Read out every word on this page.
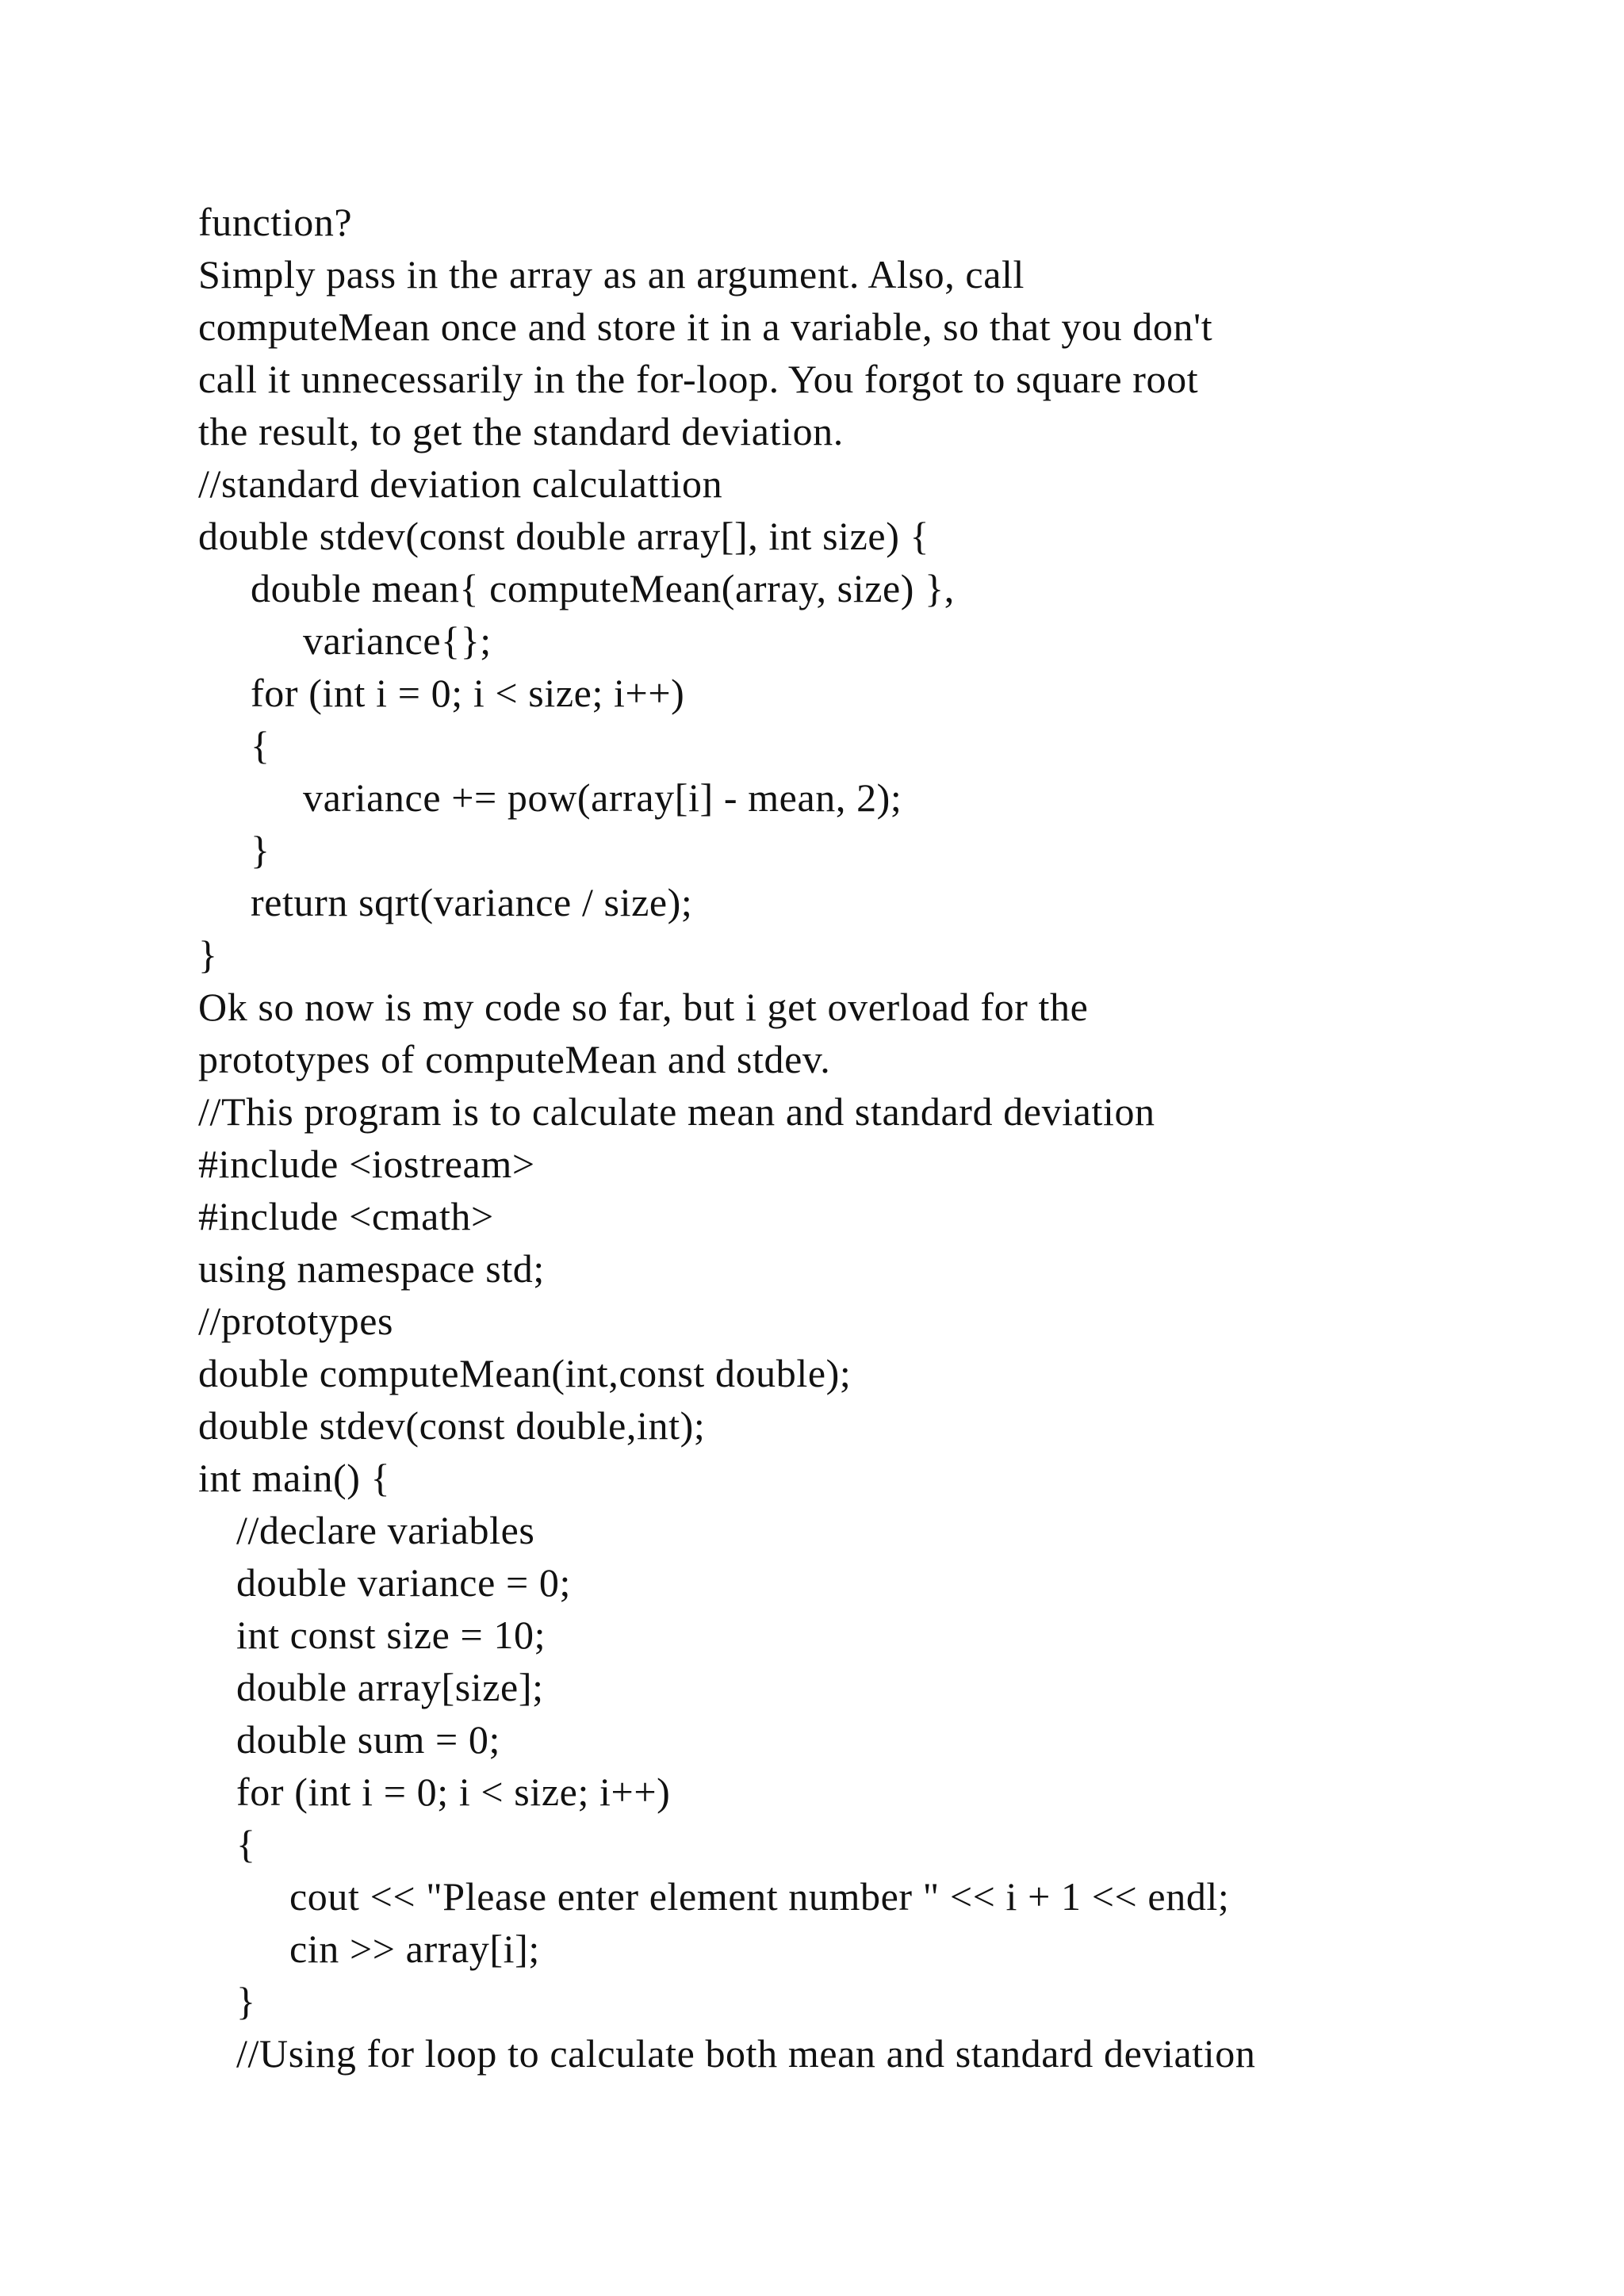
function?
Simply pass in the array as an argument. Also, call
computeMean once and store it in a variable, so that you don't
call it unnecessarily in the for-loop. You forgot to square root
the result, to get the standard deviation.
//standard deviation calculattion
double stdev(const double array[], int size) {
double mean{ computeMean(array, size) },
variance{};
for (int i = 0; i < size; i++)
{
variance += pow(array[i] - mean, 2);
}
return sqrt(variance / size);
}
Ok so now is my code so far, but i get overload for the
prototypes of computeMean and stdev.
//This program is to calculate mean and standard deviation
#include <iostream>
#include <cmath>
using namespace std;
//prototypes
double computeMean(int,const double);
double stdev(const double,int);
int main() {
//declare variables
double variance = 0;
int const size = 10;
double array[size];
double sum = 0;
for (int i = 0; i < size; i++)
{
cout << "Please enter element number " << i + 1 << endl;
cin >> array[i];
}
//Using for loop to calculate both mean and standard deviation
